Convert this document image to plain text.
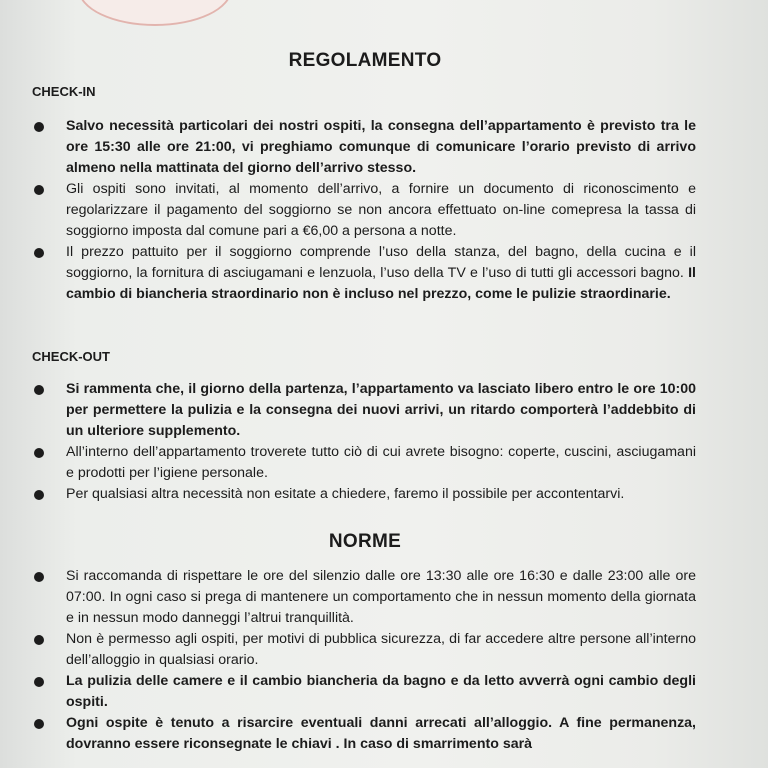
REGOLAMENTO
CHECK-IN

Salvo necessità particolari dei nostri ospiti, la consegna dell’appartamento è previsto tra le ore 15:30 alle ore 21:00, vi preghiamo comunque di comunicare l’orario previsto di arrivo almeno nella mattinata del giorno dell’arrivo stesso.

Gli ospiti sono invitati, al momento dell’arrivo, a fornire un documento di riconoscimento e regolarizzare il pagamento del soggiorno se non ancora effettuato on-line comepresa la tassa di soggiorno imposta dal comune pari a €6,00 a persona a notte.

Il prezzo pattuito per il soggiorno comprende l’uso della stanza, del bagno, della cucina e il soggiorno, la fornitura di asciugamani e lenzuola, l’uso della TV e l’uso di tutti gli accessori bagno. Il cambio di biancheria straordinario non è incluso nel prezzo, come le pulizie straordinarie.

CHECK-OUT

Si rammenta che, il giorno della partenza, l’appartamento va lasciato libero entro le ore 10:00 per permettere la pulizia e la consegna dei nuovi arrivi, un ritardo comporterà l’addebbito di un ulteriore supplemento.

All’interno dell’appartamento troverete tutto ciò di cui avrete bisogno: coperte, cuscini, asciugamani e prodotti per l’igiene personale.

Per qualsiasi altra necessità non esitate a chiedere, faremo il possibile per accontentarvi.

NORME

Si raccomanda di rispettare le ore del silenzio dalle ore 13:30 alle ore 16:30 e dalle 23:00 alle ore 07:00. In ogni caso si prega di mantenere un comportamento che in nessun momento della giornata e in nessun modo danneggi l’altrui tranquillità.

Non è permesso agli ospiti, per motivi di pubblica sicurezza, di far accedere altre persone all’interno dell’alloggio in qualsiasi orario.

La pulizia delle camere e il cambio biancheria da bagno e da letto avverrà ogni cambio degli ospiti.

Ogni ospite è tenuto a risarcire eventuali danni arrecati all’alloggio. A fine permanenza, dovranno essere riconsegnate le chiavi . In caso di smarrimento sarà
